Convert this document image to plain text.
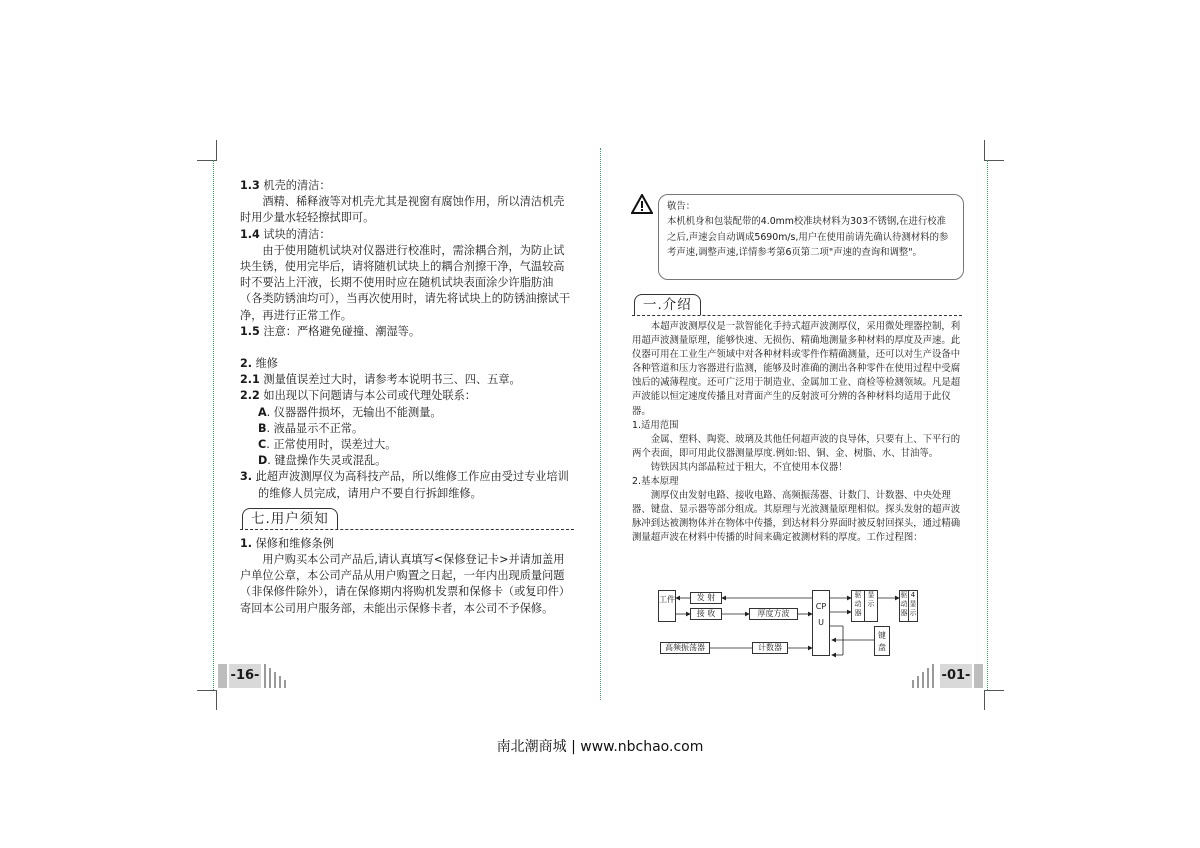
1.3 机壳的清洁：

酒精、稀释液等对机壳尤其是视窗有腐蚀作用，所以清洁机壳时用少量水轻轻擦拭即可。

1.4 试块的清洁：

由于使用随机试块对仪器进行校准时，需涂耦合剂，为防止试块生锈，使用完毕后，请将随机试块上的耦合剂擦干净，气温较高时不要沾上汗液，长期不使用时应在随机试块表面涂少许脂肪油（各类防锈油均可），当再次使用时，请先将试块上的防锈油擦试干净，再进行正常工作。

1.5 注意：严格避免碰撞、潮湿等。

2. 维修

2.1 测量值误差过大时，请参考本说明书三、四、五章。

2.2 如出现以下问题请与本公司或代理处联系：

A. 仪器器件损坏，无输出不能测量。

B. 液晶显示不正常。

C. 正常使用时，误差过大。

D. 键盘操作失灵或混乱。

3. 此超声波测厚仪为高科技产品，所以维修工作应由受过专业培训的维修人员完成，请用户不要自行拆卸维修。

七.用户须知

1. 保修和维修条例

用户购买本公司产品后,请认真填写<保修登记卡>并请加盖用户单位公章，本公司产品从用户购置之日起，一年内出现质量问题（非保修件除外），请在保修期内将购机发票和保修卡（或复印件）寄回本公司用户服务部，未能出示保修卡者，本公司不予保修。

-16-

敬告：

本机机身和包装配带的4.0mm校准块材料为303不锈钢,在进行校准之后,声速会自动调成5690m/s,用户在使用前请先确认待测材料的参考声速,调整声速,详情参考第6页第二项"声速的查询和调整"。

一.介绍

本超声波测厚仪是一款智能化手持式超声波测厚仪，采用微处理器控制，利用超声波测量原理，能够快速、无损伤、精确地测量多种材料的厚度及声速。此仪器可用在工业生产领域中对各种材料或零件作精确测量，还可以对生产设备中各种管道和压力容器进行监测，能够及时准确的测出各种零件在使用过程中受腐蚀后的减薄程度。还可广泛用于制造业、金属加工业、商检等检测领域。凡是超声波能以恒定速度传播且对背面产生的反射波可分辨的各种材料均适用于此仪器。

1.适用范围

金属、塑料、陶瓷、玻璃及其他任何超声波的良导体，只要有上、下平行的两个表面，即可用此仪器测量厚度.例如:铝、铜、金、树脂、水、甘油等。

铸铁因其内部晶粒过于粗大，不宜使用本仪器！

2.基本原理

测厚仪由发射电路、接收电路、高频振荡器、计数门、计数器、中央处理器、键盘、显示器等部分组成。其原理与光波测量原理相似。探头发射的超声波脉冲到达被测物体并在物体中传播，到达材料分界面时被反射回探头，通过精确测量超声波在材料中传播的时间来确定被测材料的厚度。工作过程图：

工件	发 射
接 收	厚度方波
CPU
驱动器
显示
驱动器
4显示
键盘
高频振荡器	计数器
-01-
南北潮商城 | www.nbchao.com
